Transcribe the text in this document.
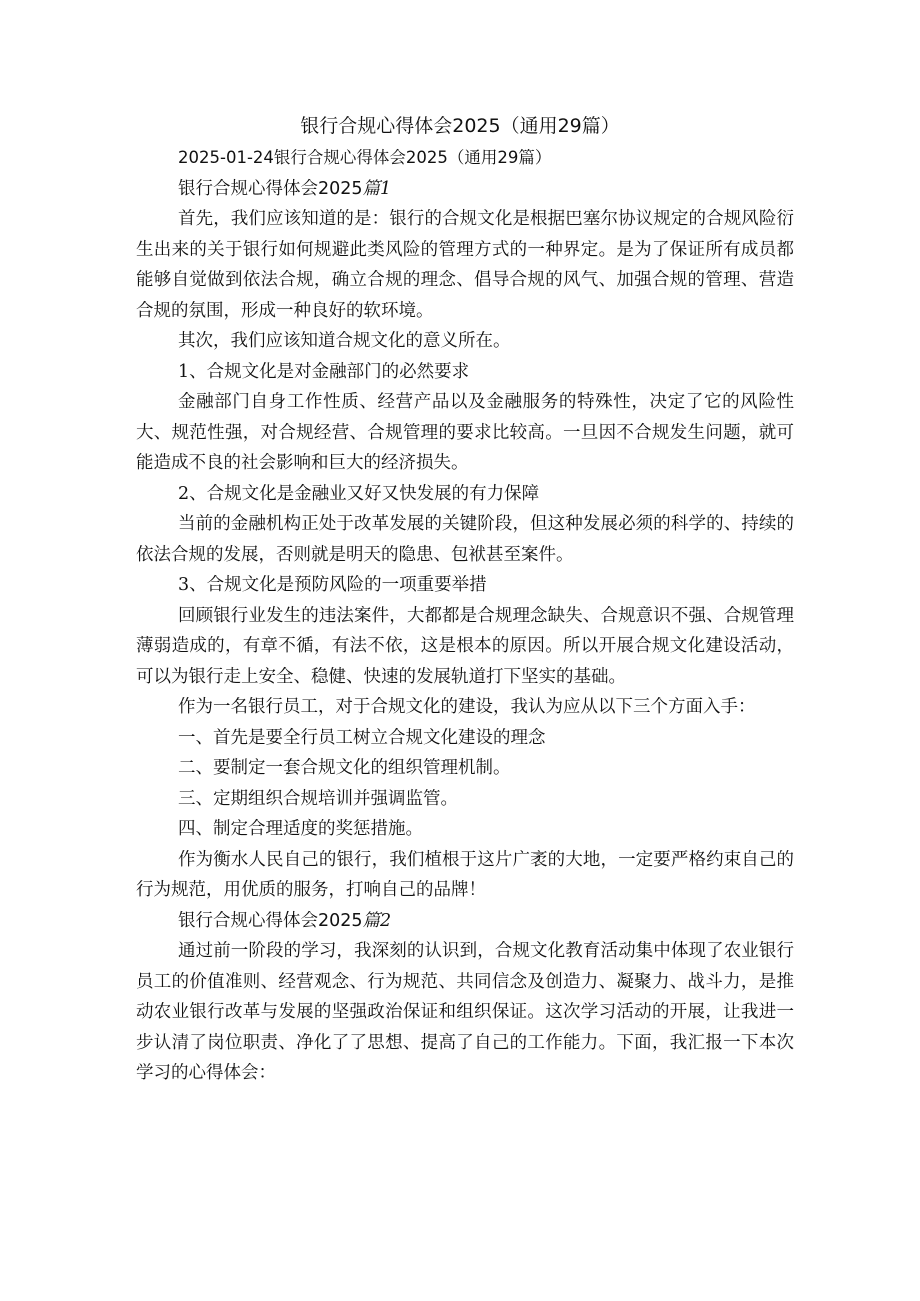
银行合规心得体会2025（通用29篇）

2025-01-24银行合规心得体会2025（通用29篇）

银行合规心得体会2025篇1

首先，我们应该知道的是：银行的合规文化是根据巴塞尔协议规定的合规风险衍生出来的关于银行如何规避此类风险的管理方式的一种界定。是为了保证所有成员都能够自觉做到依法合规，确立合规的理念、倡导合规的风气、加强合规的管理、营造合规的氛围，形成一种良好的软环境。

其次，我们应该知道合规文化的意义所在。

1、合规文化是对金融部门的必然要求

金融部门自身工作性质、经营产品以及金融服务的特殊性，决定了它的风险性大、规范性强，对合规经营、合规管理的要求比较高。一旦因不合规发生问题，就可能造成不良的社会影响和巨大的经济损失。

2、合规文化是金融业又好又快发展的有力保障

当前的金融机构正处于改革发展的关键阶段，但这种发展必须的科学的、持续的依法合规的发展，否则就是明天的隐患、包袱甚至案件。

3、合规文化是预防风险的一项重要举措

回顾银行业发生的违法案件，大都都是合规理念缺失、合规意识不强、合规管理薄弱造成的，有章不循，有法不依，这是根本的原因。所以开展合规文化建设活动，可以为银行走上安全、稳健、快速的发展轨道打下坚实的基础。

作为一名银行员工，对于合规文化的建设，我认为应从以下三个方面入手：

一、首先是要全行员工树立合规文化建设的理念

二、要制定一套合规文化的组织管理机制。

三、定期组织合规培训并强调监管。

四、制定合理适度的奖惩措施。

作为衡水人民自己的银行，我们植根于这片广袤的大地，一定要严格约束自己的行为规范，用优质的服务，打响自己的品牌！

银行合规心得体会2025篇2

通过前一阶段的学习，我深刻的认识到，合规文化教育活动集中体现了农业银行员工的价值准则、经营观念、行为规范、共同信念及创造力、凝聚力、战斗力，是推动农业银行改革与发展的坚强政治保证和组织保证。这次学习活动的开展，让我进一步认清了岗位职责、净化了了思想、提高了自己的工作能力。下面，我汇报一下本次学习的心得体会：
